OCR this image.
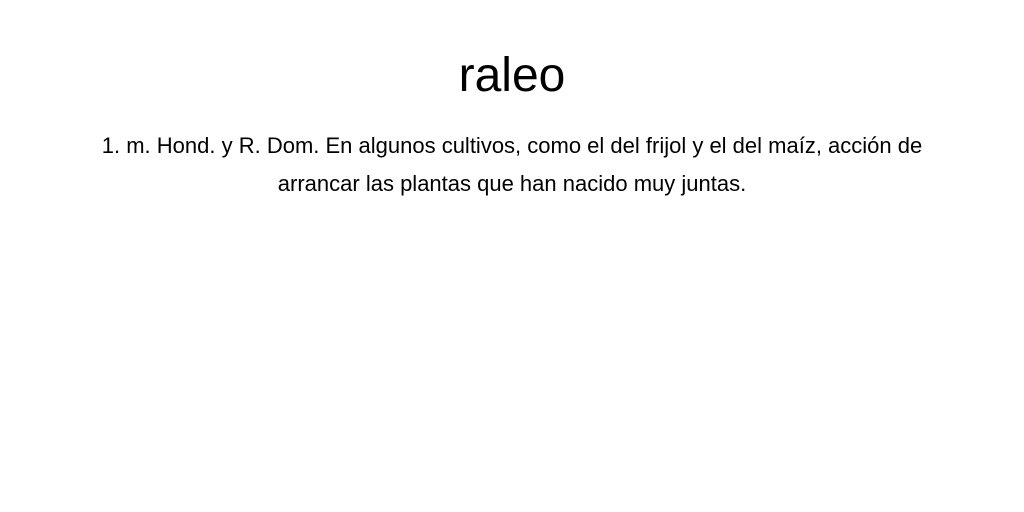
raleo

1. m. Hond. y R. Dom. En algunos cultivos, como el del frijol y el del maíz, acción de arrancar las plantas que han nacido muy juntas.
